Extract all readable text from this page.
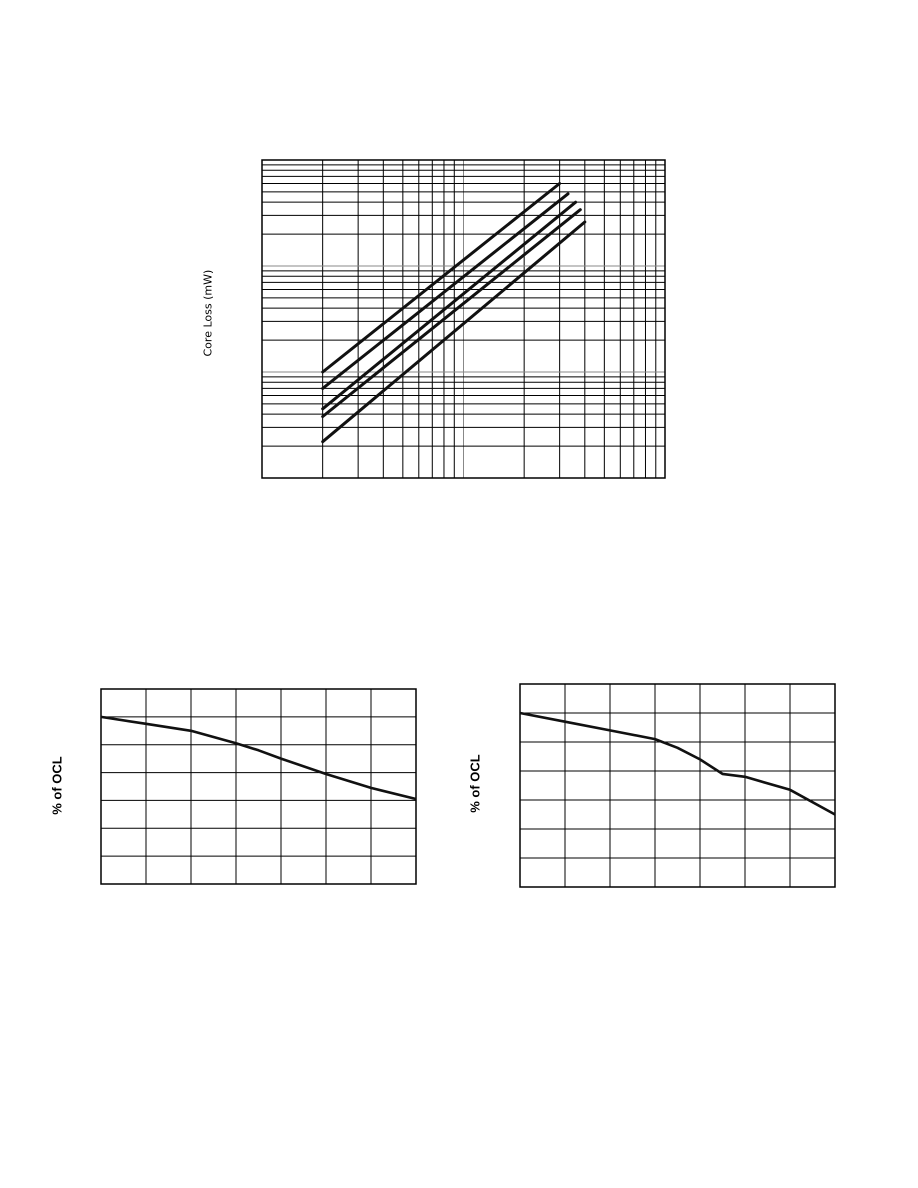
Core Loss (mW)
% of OCL	% of OCL
